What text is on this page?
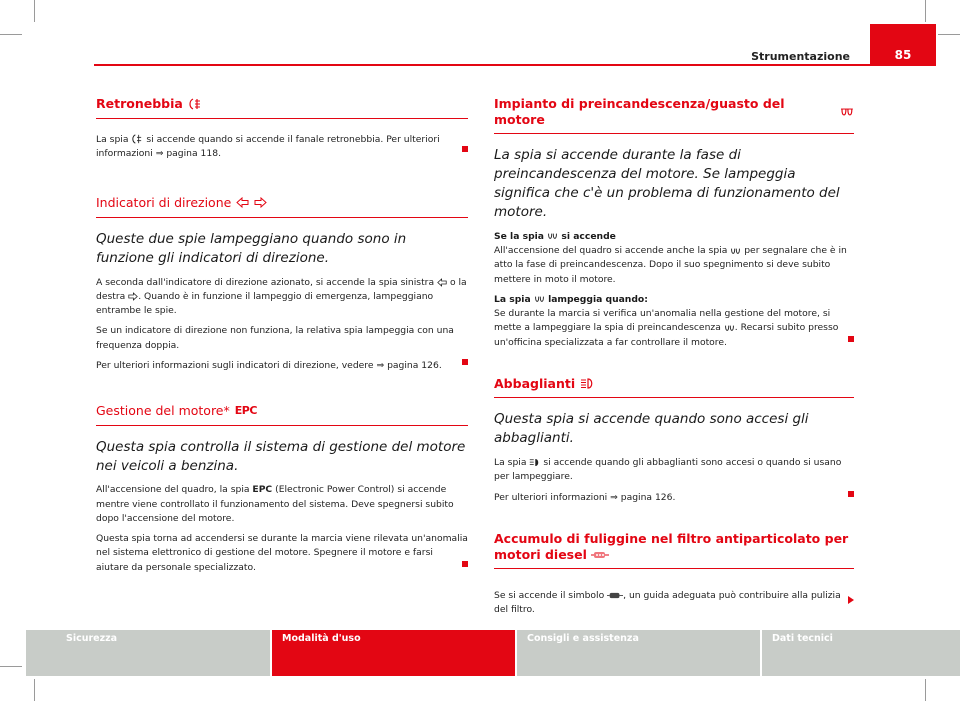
Strumentazione	85
Retronebbia

La spia si accende quando si accende il fanale retronebbia. Per ulteriori informazioni ⇒ pagina 118.

Indicatori di direzione
Queste due spie lampeggiano quando sono in funzione gli indicatori di direzione.

A seconda dall'indicatore di direzione azionato, si accende la spia sinistra o la destra . Quando è in funzione il lampeggio di emergenza, lampeggiano entrambe le spie.

Se un indicatore di direzione non funziona, la relativa spia lampeggia con una frequenza doppia.

Per ulteriori informazioni sugli indicatori di direzione, vedere ⇒ pagina 126.

Gestione del motore* EPC
Questa spia controlla il sistema di gestione del motore nei veicoli a benzina.

All'accensione del quadro, la spia EPC (Electronic Power Control) si accende mentre viene controllato il funzionamento del sistema. Deve spegnersi subito dopo l'accensione del motore.

Questa spia torna ad accendersi se durante la marcia viene rilevata un'anomalia nel sistema elettronico di gestione del motore. Spegnere il motore e farsi aiutare da personale specializzato.

Impianto di preincandescenza/guasto del motore
La spia si accende durante la fase di preincandescenza del motore. Se lampeggia significa che c'è un problema di funzionamento del motore.
Se la spia si accende

All'accensione del quadro si accende anche la spia per segnalare che è in atto la fase di preincandescenza. Dopo il suo spegnimento si deve subito mettere in moto il motore.

La spia lampeggia quando:

Se durante la marcia si verifica un'anomalia nella gestione del motore, si mette a lampeggiare la spia di preincandescenza . Recarsi subito presso un'officina specializzata a far controllare il motore.

Abbaglianti
Questa spia si accende quando sono accesi gli abbaglianti.

La spia si accende quando gli abbaglianti sono accesi o quando si usano per lampeggiare.

Per ulteriori informazioni ⇒ pagina 126.

Accumulo di fuliggine nel filtro antiparticolato per motori diesel

Se si accende il simbolo , un guida adeguata può contribuire alla pulizia del filtro.

Sicurezza	Modalità d'uso	Consigli e assistenza	Dati tecnici
